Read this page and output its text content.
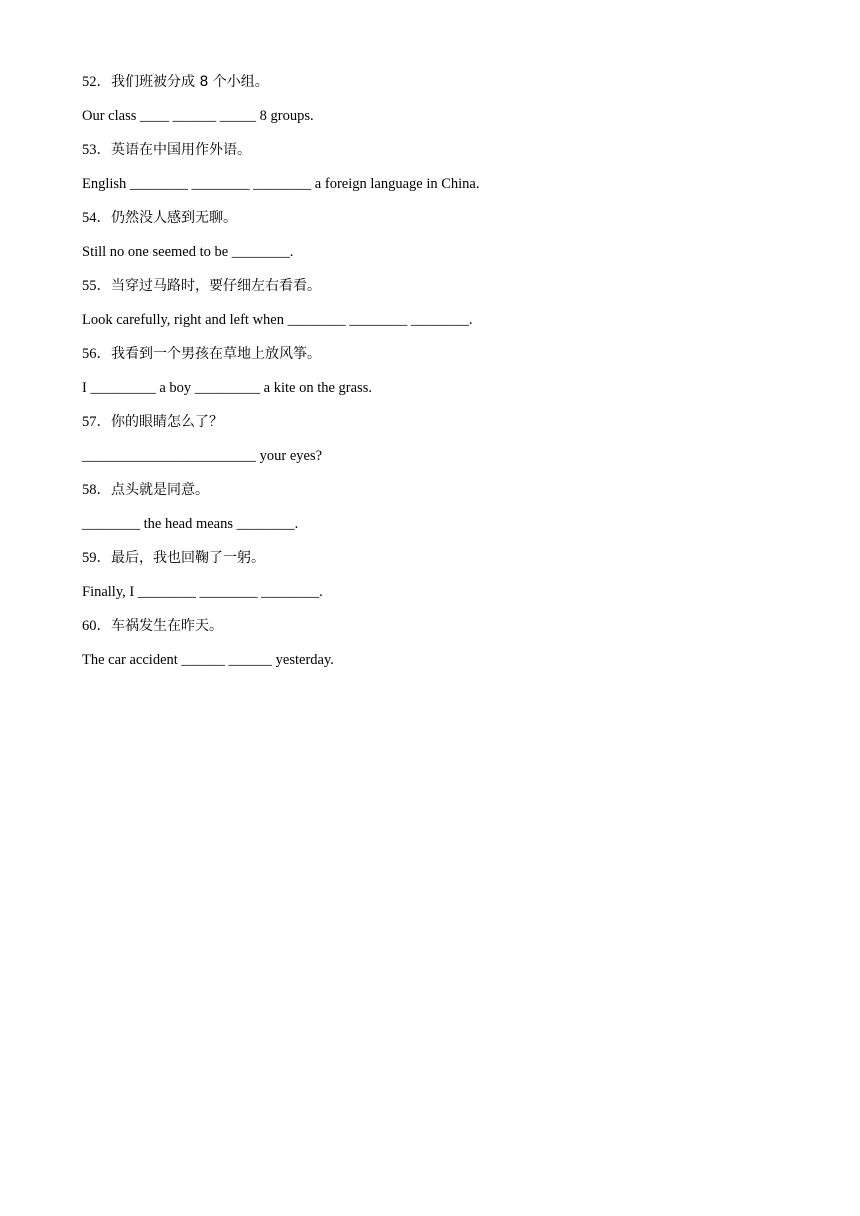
52．我们班被分成 8 个小组。
Our class ____ ______ _____ 8 groups.
53．英语在中国用作外语。
English ________ ________ ________ a foreign language in China.
54．仍然没人感到无聊。
Still no one seemed to be ________.
55．当穿过马路时，要仔细左右看看。
Look carefully, right and left when ________ ________ ________.
56．我看到一个男孩在草地上放风筝。
I _________ a boy _________ a kite on the grass.
57．你的眼睛怎么了？
________________________ your eyes?
58．点头就是同意。
________ the head means ________.
59．最后，我也回鞠了一躬。
Finally, I ________ ________ ________.
60．车祸发生在昨天。
The car accident ______ ______ yesterday.
